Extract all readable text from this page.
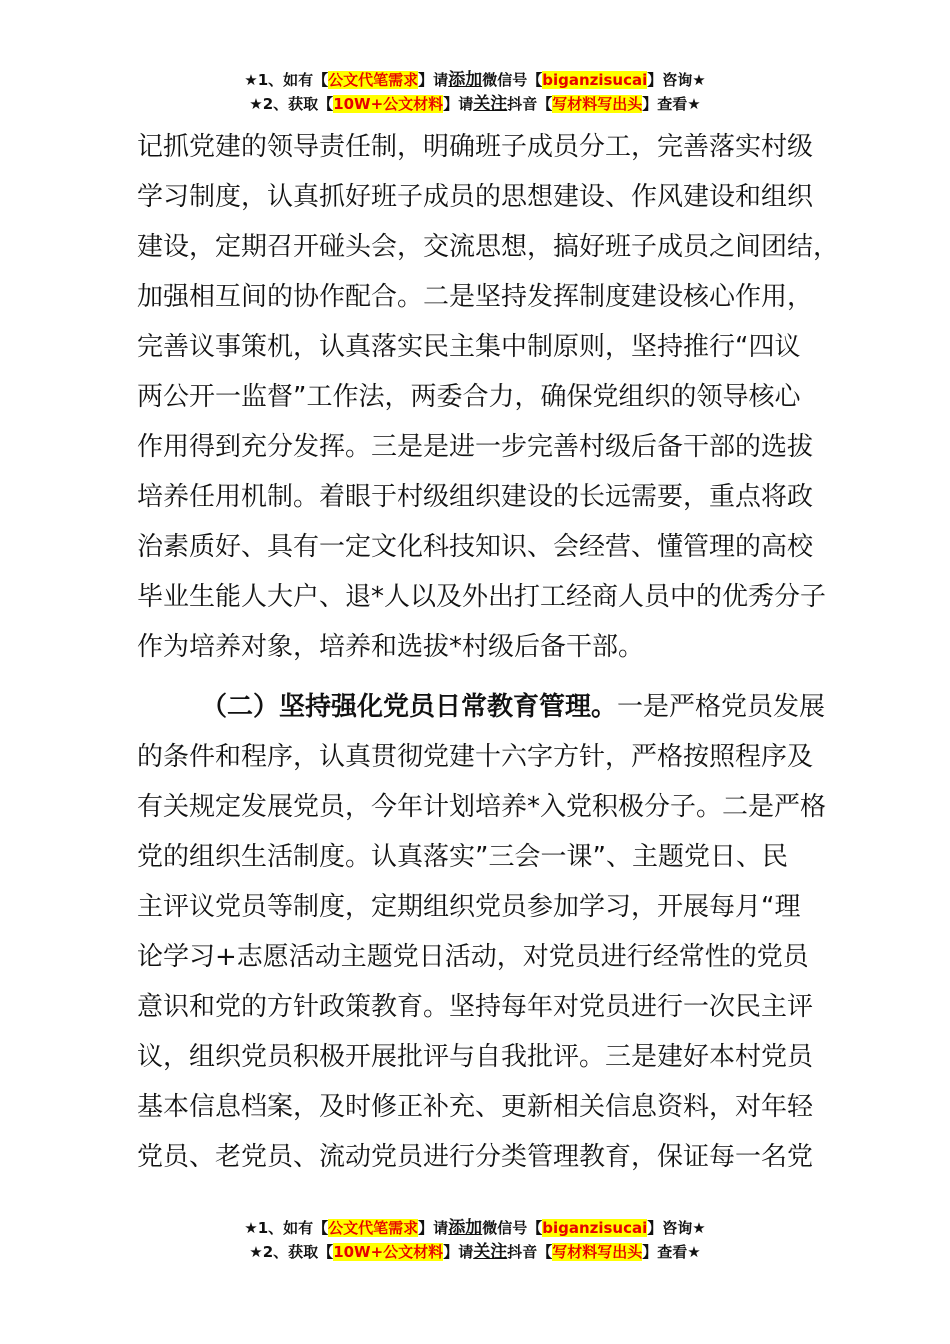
★1、如有【公文代笔需求】请添加微信号【biganzisucai】咨询★
★2、获取【10W+公文材料】请关注抖音【写材料写出头】查看★
记抓党建的领导责任制，明确班子成员分工，完善落实村级
学习制度，认真抓好班子成员的思想建设、作风建设和组织
建设，定期召开碰头会，交流思想，搞好班子成员之间团结，
加强相互间的协作配合。二是坚持发挥制度建设核心作用，
完善议事策机，认真落实民主集中制原则，坚持推行“四议
两公开一监督”工作法，两委合力，确保党组织的领导核心
作用得到充分发挥。三是是进一步完善村级后备干部的选拔
培养任用机制。着眼于村级组织建设的长远需要，重点将政
治素质好、具有一定文化科技知识、会经营、懂管理的高校
毕业生能人大户、退*人以及外出打工经商人员中的优秀分子
作为培养对象，培养和选拔*村级后备干部。
（二）坚持强化党员日常教育管理。一是严格党员发展
的条件和程序，认真贯彻党建十六字方针，严格按照程序及
有关规定发展党员，今年计划培养*入党积极分子。二是严格
党的组织生活制度。认真落实”三会一课”、主题党日、民
主评议党员等制度，定期组织党员参加学习，开展每月“理
论学习+志愿活动主题党日活动，对党员进行经常性的党员
意识和党的方针政策教育。坚持每年对党员进行一次民主评
议，组织党员积极开展批评与自我批评。三是建好本村党员
基本信息档案，及时修正补充、更新相关信息资料，对年轻
党员、老党员、流动党员进行分类管理教育，保证每一名党
★1、如有【公文代笔需求】请添加微信号【biganzisucai】咨询★
★2、获取【10W+公文材料】请关注抖音【写材料写出头】查看★
